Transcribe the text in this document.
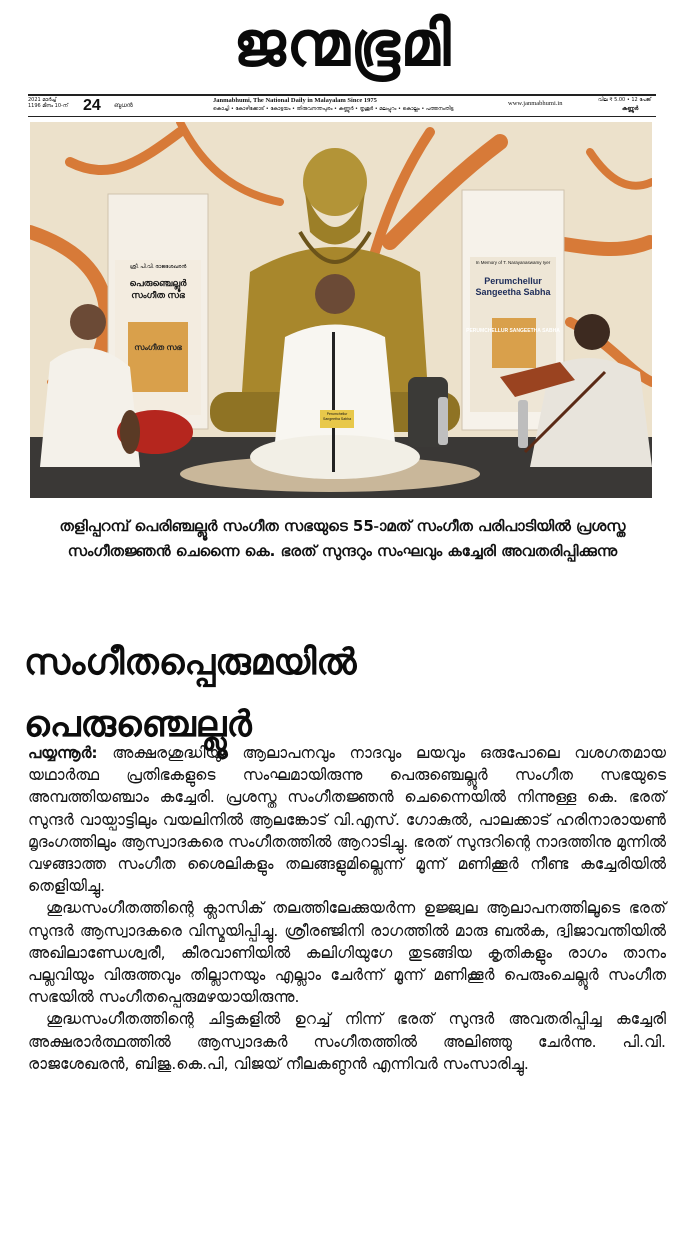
ജന്മഭൂമി
2021 മാർച്ച്
1196 മീനം 10-ന് 24 ബുധൻ
Janmabhumi, The National Daily in Malayalam Since 1975
കൊച്ചി • കോഴിക്കോട് • കോട്ടയം • തിരുവനന്തപുരം • കണ്ണൂർ • തൃശൂർ • മലപ്പുറം • കൊല്ലം • പത്തനംതിട്ട
www.janmabhumi.in	വില ₹ 5.00 • 12 പേജ്
കണ്ണൂർ
ശ്രീ. പി.വി. രാജശേഖരൻ
പെരുഞ്ചെല്ലൂർ സംഗീത സഭ
സംഗീത സഭ
In Memory of T. Narayanaswamy Iyer
Perumchellur Sangeetha Sabha
PERUMCHELLUR SANGEETHA SABHA
Perumchellur Sangeetha Sabha
തളിപ്പറമ്പ് പെരിഞ്ചല്ലൂർ സംഗീത സഭയുടെ 55-ാമത് സംഗീത പരിപാടിയിൽ പ്രശസ്ത സംഗീതജ്ഞൻ ചെന്നൈ കെ. ഭരത് സുന്ദറും സംഘവും കച്ചേരി അവതരിപ്പിക്കുന്നു
സംഗീതപ്പെരുമയിൽ
പെരുഞ്ചെല്ലൂർ

പയ്യന്നൂർ: അക്ഷരശുദ്ധിയും ആലാപനവും നാദവും ലയവും ഒരുപോലെ വശഗതമായ യഥാർത്ഥ പ്രതിഭകളുടെ സംഘമായിരുന്നു പെരുഞ്ചെല്ലൂർ സംഗീത സഭയുടെ അമ്പത്തിയഞ്ചാം കച്ചേരി. പ്രശസ്ത സംഗീതജ്ഞൻ ചെന്നൈയിൽ നിന്നുള്ള കെ. ഭരത് സുന്ദർ വായ്പാട്ടിലും വയലിനിൽ ആലങ്കോട് വി.എസ്. ഗോകുൽ, പാലക്കാട് ഹരിനാരായൺ മൃദംഗത്തിലും ആസ്വാദകരെ സംഗീതത്തിൽ ആറാടിച്ചു. ഭരത് സുന്ദറിന്റെ നാദത്തിനു മുന്നിൽ വഴങ്ങാത്ത സംഗീത ശൈലികളും തലങ്ങളുമില്ലെന്ന് മൂന്ന് മണിക്കൂർ നീണ്ട കച്ചേരിയിൽ തെളിയിച്ചു.

ശുദ്ധസംഗീതത്തിന്റെ ക്ലാസിക് തലത്തിലേക്കുയർന്ന ഉജ്ജ്വല ആലാപനത്തിലൂടെ ഭരത് സുന്ദർ ആസ്വാദകരെ വിസ്മയിപ്പിച്ചു. ശ്രീരഞ്ജിനി രാഗത്തിൽ മാരു ബൽക, ദ്വിജാവന്തിയിൽ അഖിലാണ്ഡേശ്വരീ, കീരവാണിയിൽ കലിഗിയുഗേ തുടങ്ങിയ കൃതികളും രാഗം താനം പല്ലവിയും വിരുത്തവും തില്ലാനയും എല്ലാം ചേർന്ന് മൂന്ന് മണിക്കൂർ പെരുംചെല്ലൂർ സംഗീത സഭയിൽ സംഗീതപ്പെരുമഴയായിരുന്നു.

ശുദ്ധസംഗീതത്തിന്റെ ചിട്ടകളിൽ ഉറച്ച് നിന്ന് ഭരത് സുന്ദർ അവതരിപ്പിച്ച കച്ചേരി അക്ഷരാർത്ഥത്തിൽ ആസ്വാദകർ സംഗീതത്തിൽ അലിഞ്ഞു ചേർന്നു. പി.വി. രാജശേഖരൻ, ബിജു.കെ.പി, വിജയ് നീലകണ്ഠൻ എന്നിവർ സംസാരിച്ചു.
